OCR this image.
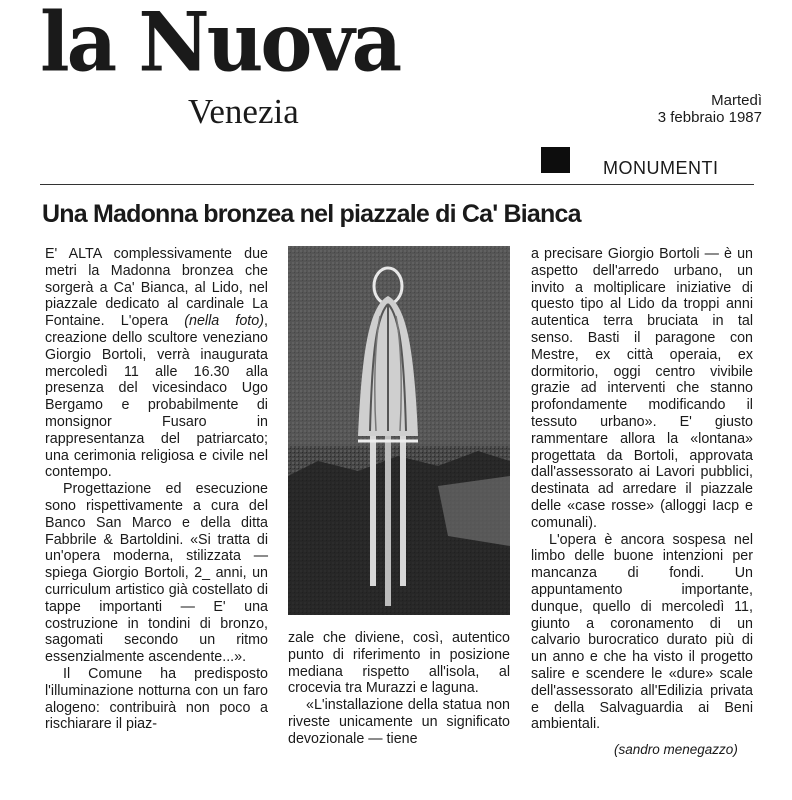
la Nuova
Venezia	Martedì
3 febbraio 1987
MONUMENTI
Una Madonna bronzea nel piazzale di Ca' Bianca

E' ALTA complessivamente due metri la Madonna bronzea che sorgerà a Ca' Bianca, al Lido, nel piazzale dedicato al cardinale La Fontaine. L'opera (nella foto), creazione dello scultore veneziano Giorgio Bortoli, verrà inaugurata mercoledì 11 alle 16.30 alla presenza del vicesindaco Ugo Bergamo e probabilmente di monsignor Fusaro in rappresentanza del patriarcato; una cerimonia religiosa e civile nel contempo.

Progettazione ed esecuzione sono rispettivamente a cura del Banco San Marco e della ditta Fabbrile & Bartoldini. «Si tratta di un'opera moderna, stilizzata — spiega Giorgio Bortoli, 2_ anni, un curriculum artistico già costellato di tappe importanti — E' una costruzione in tondini di bronzo, sagomati secondo un ritmo essenzialmente ascendente...».

Il Comune ha predisposto l'illuminazione notturna con un faro alogeno: contribuirà non poco a rischiarare il piaz-

zale che diviene, così, autentico punto di riferimento in posizione mediana rispetto all'isola, al crocevia tra Murazzi e laguna.

«L'installazione della statua non riveste unicamente un significato devozionale — tiene

a precisare Giorgio Bortoli — è un aspetto dell'arredo urbano, un invito a moltiplicare iniziative di questo tipo al Lido da troppi anni autentica terra bruciata in tal senso. Basti il paragone con Mestre, ex città operaia, ex dormitorio, oggi centro vivibile grazie ad interventi che stanno profondamente modificando il tessuto urbano». E' giusto rammentare allora la «lontana» progettata da Bortoli, approvata dall'assessorato ai Lavori pubblici, destinata ad arredare il piazzale delle «case rosse» (alloggi Iacp e comunali).

L'opera è ancora sospesa nel limbo delle buone intenzioni per mancanza di fondi. Un appuntamento importante, dunque, quello di mercoledì 11, giunto a coronamento di un calvario burocratico durato più di un anno e che ha visto il progetto salire e scendere le «dure» scale dell'assessorato all'Edilizia privata e della Salvaguardia ai Beni ambientali.

(sandro menegazzo)
